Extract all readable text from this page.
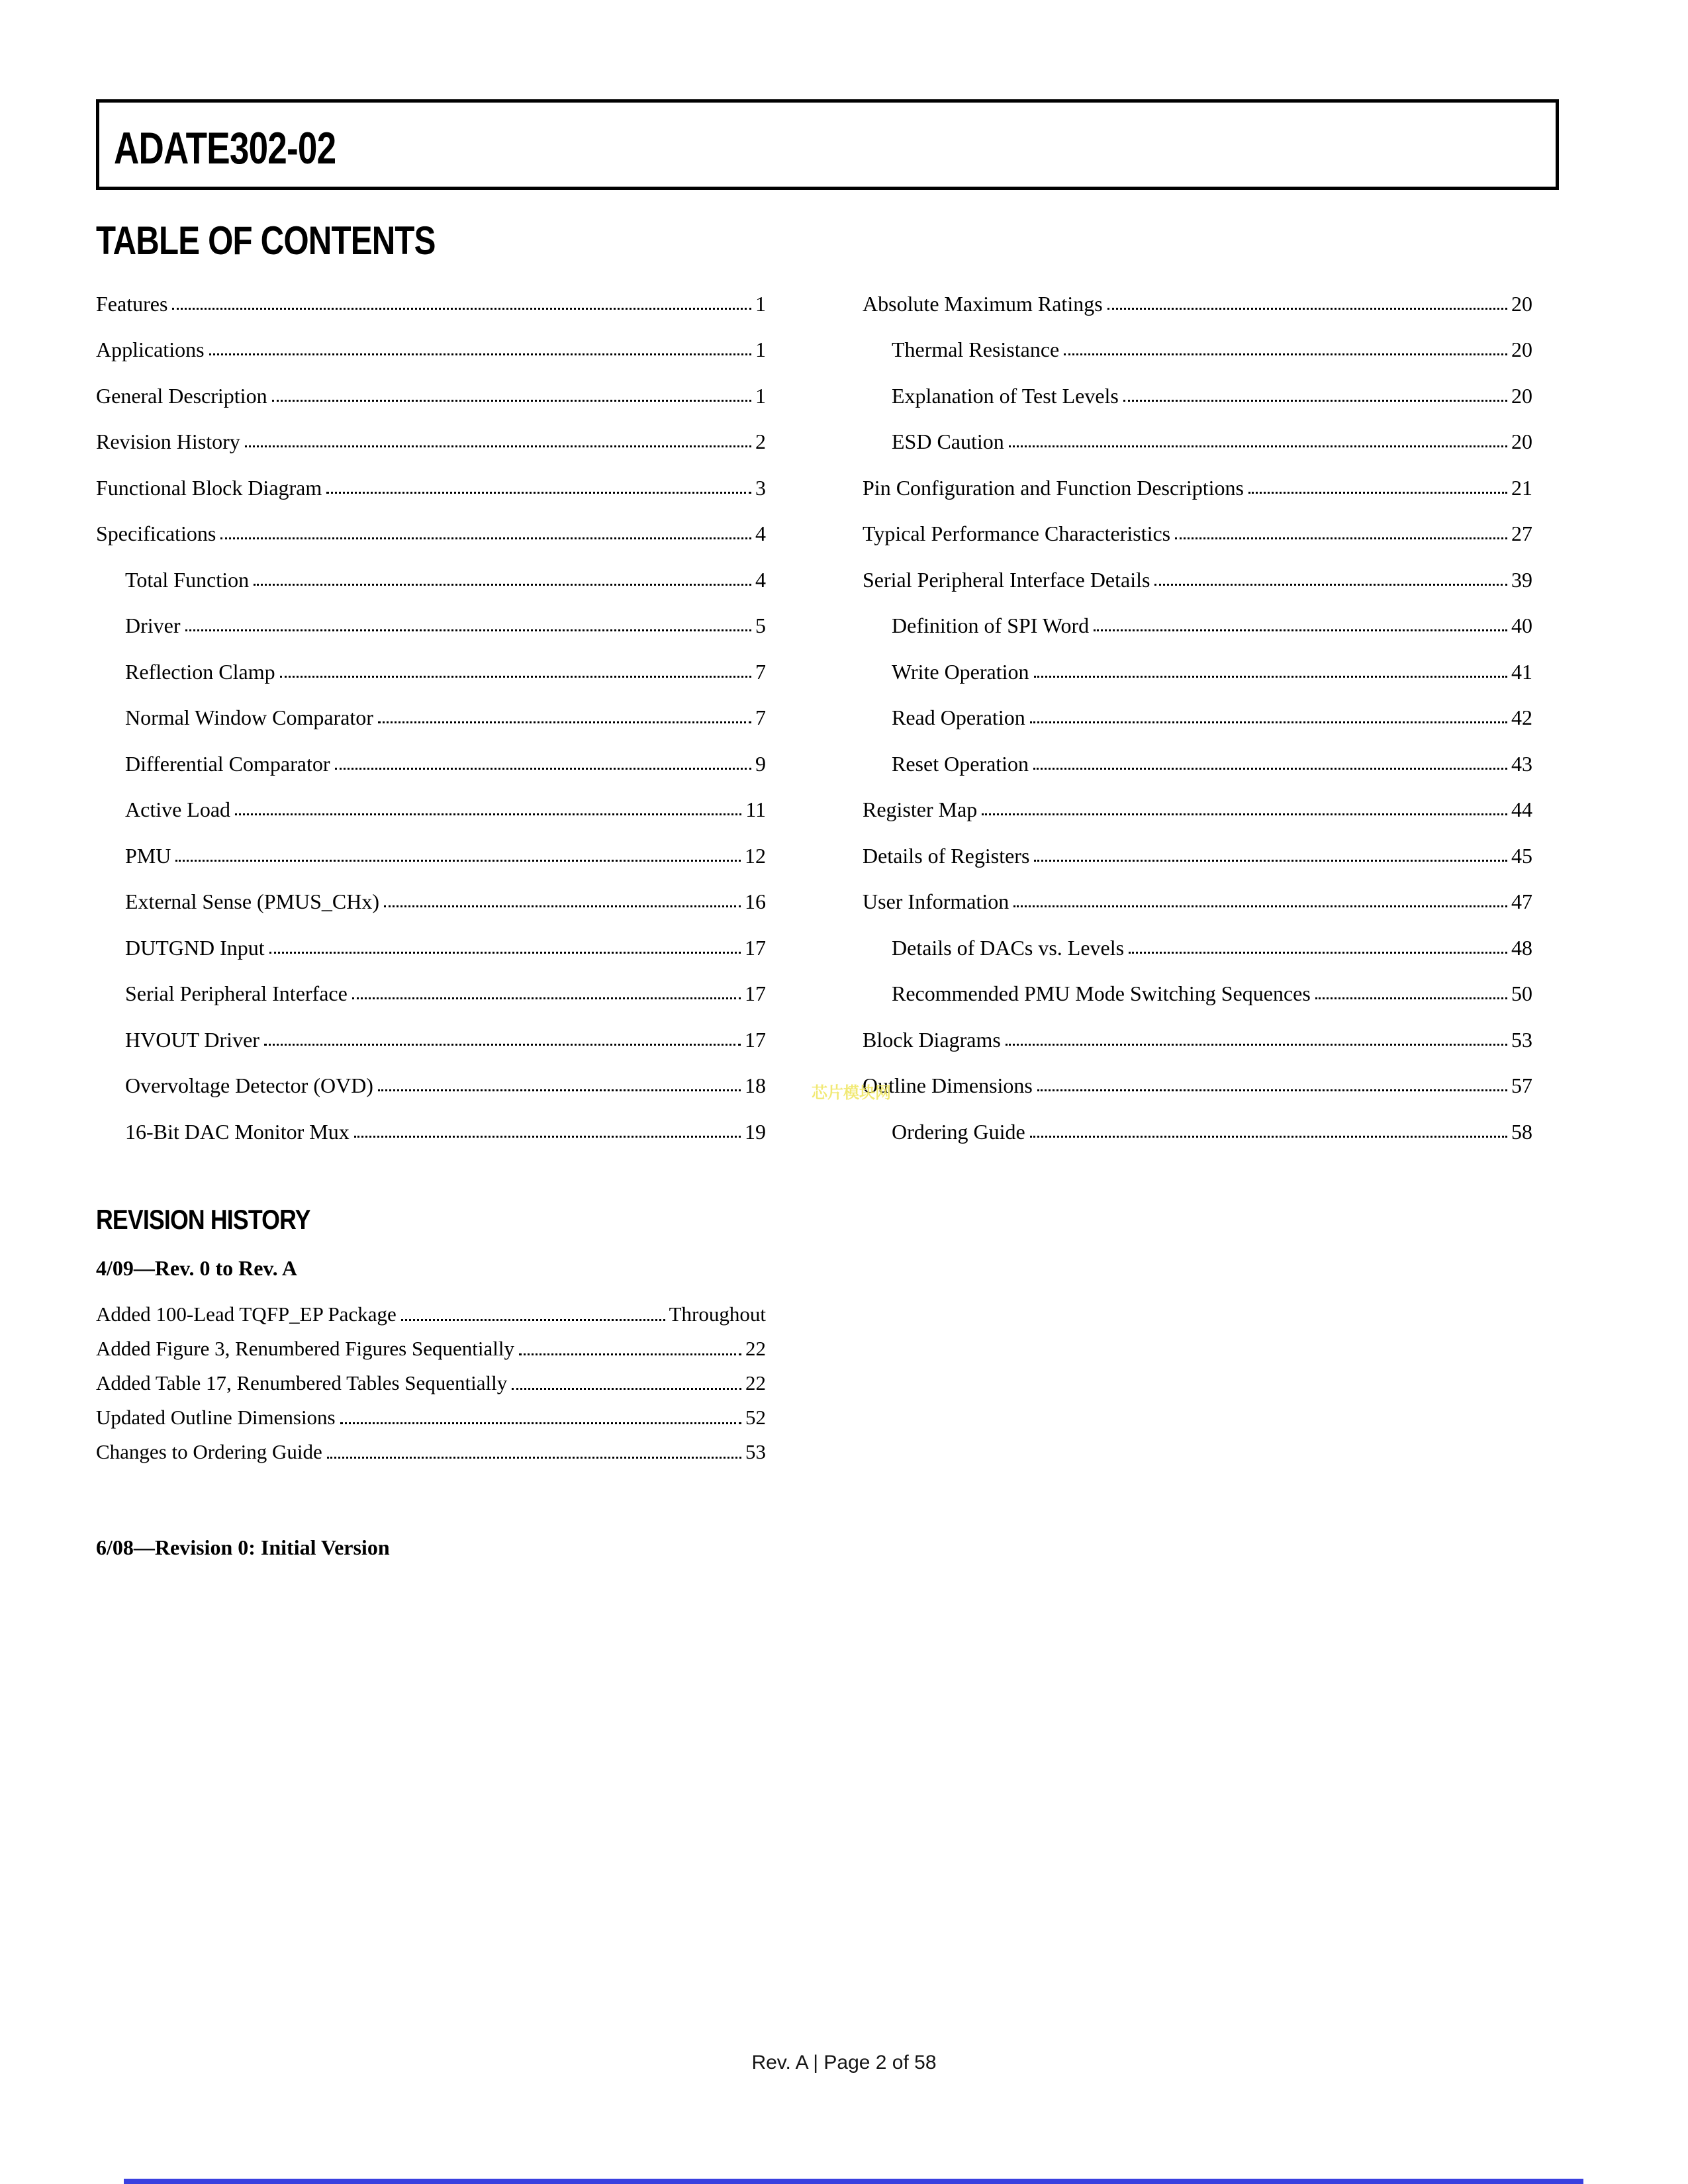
ADATE302-02
TABLE OF CONTENTS
Features	1
Applications	1
General Description	1
Revision History	2
Functional Block Diagram	3
Specifications	4
Total Function	4
Driver	5
Reflection Clamp	7
Normal Window Comparator	7
Differential Comparator	9
Active Load	11
PMU	12
External Sense (PMUS_CHx)	16
DUTGND Input	17
Serial Peripheral Interface	17
HVOUT Driver	17
Overvoltage Detector (OVD)	18
16-Bit DAC Monitor Mux	19
Absolute Maximum Ratings	20
Thermal Resistance	20
Explanation of Test Levels	20
ESD Caution	20
Pin Configuration and Function Descriptions	21
Typical Performance Characteristics	27
Serial Peripheral Interface Details	39
Definition of SPI Word	40
Write Operation	41
Read Operation	42
Reset Operation	43
Register Map	44
Details of Registers	45
User Information	47
Details of DACs vs. Levels	48
Recommended PMU Mode Switching Sequences	50
Block Diagrams	53
Outline Dimensions	57
Ordering Guide	58
REVISION HISTORY
4/09—Rev. 0 to Rev. A
Added 100-Lead TQFP_EP Package	Throughout
Added Figure 3, Renumbered Figures Sequentially	22
Added Table 17, Renumbered Tables Sequentially	22
Updated Outline Dimensions	52
Changes to Ordering Guide	53
6/08—Revision 0: Initial Version
芯片模块网
Rev. A | Page 2 of 58
